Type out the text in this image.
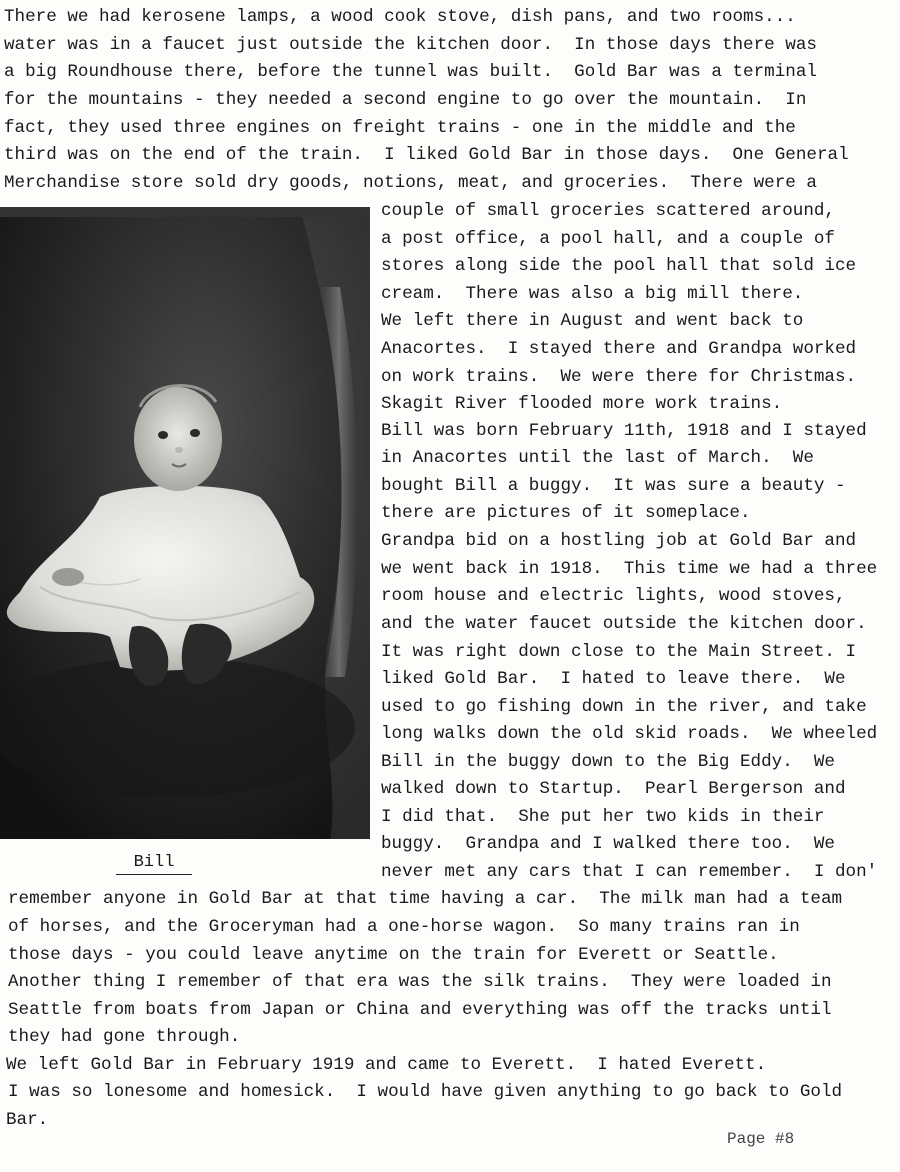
There we had kerosene lamps, a wood cook stove, dish pans, and two rooms...
water was in a faucet just outside the kitchen door.  In those days there was
a big Roundhouse there, before the tunnel was built.  Gold Bar was a terminal
for the mountains - they needed a second engine to go over the mountain.  In
fact, they used three engines on freight trains - one in the middle and the
third was on the end of the train.  I liked Gold Bar in those days.  One General
Merchandise store sold dry goods, notions, meat, and groceries.  There were a
couple of small groceries scattered around,
a post office, a pool hall, and a couple of
stores along side the pool hall that sold ice
cream.  There was also a big mill there.
We left there in August and went back to
Anacortes.  I stayed there and Grandpa worked
on work trains.  We were there for Christmas.
Skagit River flooded more work trains.
Bill was born February 11th, 1918 and I stayed
in Anacortes until the last of March.  We
bought Bill a buggy.  It was sure a beauty -
there are pictures of it someplace.
Grandpa bid on a hostling job at Gold Bar and
we went back in 1918.  This time we had a three
room house and electric lights, wood stoves,
and the water faucet outside the kitchen door.
It was right down close to the Main Street. I
liked Gold Bar.  I hated to leave there.  We
used to go fishing down in the river, and take
long walks down the old skid roads.  We wheeled
Bill in the buggy down to the Big Eddy.  We
walked down to Startup.  Pearl Bergerson and
I did that.  She put her two kids in their
buggy.  Grandpa and I walked there too.  We
never met any cars that I can remember.  I don'
Bill
remember anyone in Gold Bar at that time having a car.  The milk man had a team
of horses, and the Groceryman had a one-horse wagon.  So many trains ran in
those days - you could leave anytime on the train for Everett or Seattle.
Another thing I remember of that era was the silk trains.  They were loaded in
Seattle from boats from Japan or China and everything was off the tracks until
they had gone through.
We left Gold Bar in February 1919 and came to Everett.  I hated Everett.
I was so lonesome and homesick.  I would have given anything to go back to Gold
Bar.
Page #8
